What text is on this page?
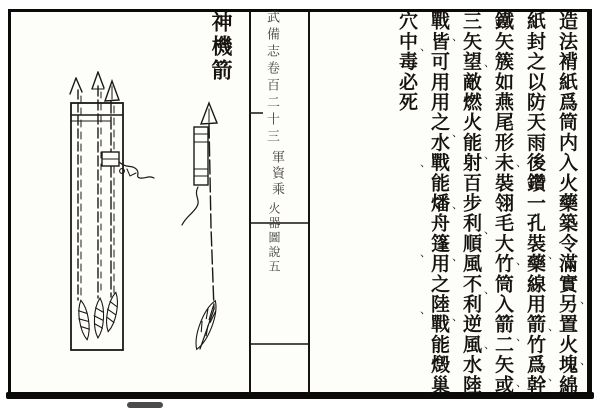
武備志卷百二十三
軍資乘
火器圖說五
神機箭	造法褙紙爲筒内入火藥築令滿實另置火塊綿
紙封之以防天雨後鑽一孔裝藥線用箭竹爲幹
鐵矢簇如燕尾形未裝翎毛大竹筒入箭二矢或
三矢望敵燃火能射百步利順風不利逆風水陸
戰皆可用用之水戰能燔舟篷用之陸戰能燬巢
穴中毒必死
、
、
、
、
、
、
、
、
、
、
、
、
、
、
、
、
、
、
、
、
、
、
、
